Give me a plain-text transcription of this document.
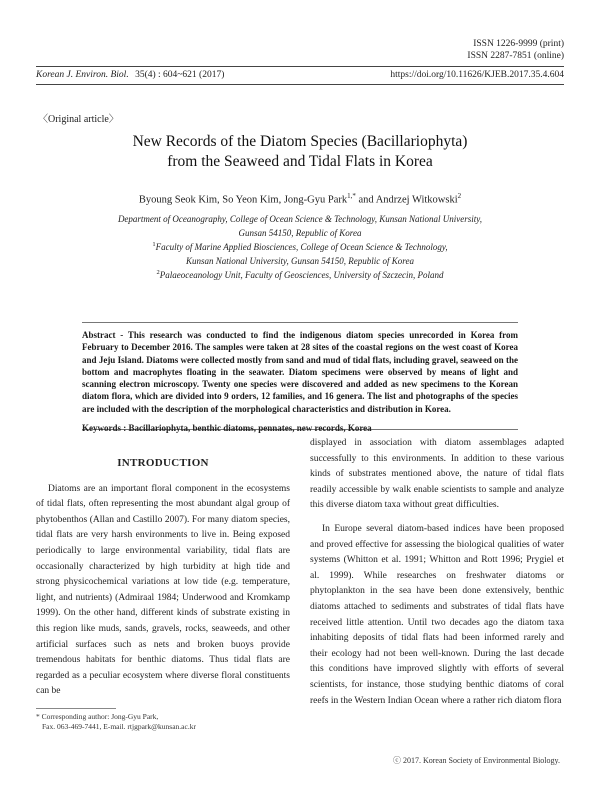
ISSN 1226-9999 (print)
ISSN 2287-7851 (online)
Korean J. Environ. Biol. 35(4) : 604~621 (2017)	https://doi.org/10.11626/KJEB.2017.35.4.604
〈Original article〉
New Records of the Diatom Species (Bacillariophyta)
from the Seaweed and Tidal Flats in Korea
Byoung Seok Kim, So Yeon Kim, Jong-Gyu Park$^{1,*}$ and Andrzej Witkowski$^2$
Department of Oceanography, College of Ocean Science & Technology, Kunsan National University,
Gunsan 54150, Republic of Korea
$^1$Faculty of Marine Applied Biosciences, College of Ocean Science & Technology,
Kunsan National University, Gunsan 54150, Republic of Korea
$^2$Palaeoceanology Unit, Faculty of Geosciences, University of Szczecin, Poland
Abstract - This research was conducted to find the indigenous diatom species unrecorded in Korea from February to December 2016. The samples were taken at 28 sites of the coastal regions on the west coast of Korea and Jeju Island. Diatoms were collected mostly from sand and mud of tidal flats, including gravel, seaweed on the bottom and macrophytes floating in the seawater. Diatom specimens were observed by means of light and scanning electron microscopy. Twenty one species were discovered and added as new specimens to the Korean diatom flora, which are divided into 9 orders, 12 families, and 16 genera. The list and photographs of the species are included with the description of the morphological characteristics and distribution in Korea.
Keywords : Bacillariophyta, benthic diatoms, pennates, new records, Korea
INTRODUCTION

Diatoms are an important floral component in the ecosystems of tidal flats, often representing the most abundant algal group of phytobenthos (Allan and Castillo 2007). For many diatom species, tidal flats are very harsh environments to live in. Being exposed periodically to large environmental variability, tidal flats are occasionally characterized by high turbidity at high tide and strong physicochemical variations at low tide (e.g. temperature, light, and nutrients) (Admiraal 1984; Underwood and Kromkamp 1999). On the other hand, different kinds of substrate existing in this region like muds, sands, gravels, rocks, seaweeds, and other artificial surfaces such as nets and broken buoys provide tremendous habitats for benthic diatoms. Thus tidal flats are regarded as a peculiar ecosystem where diverse floral constituents can be

displayed in association with diatom assemblages adapted successfully to this environments. In addition to these various kinds of substrates mentioned above, the nature of tidal flats readily accessible by walk enable scientists to sample and analyze this diverse diatom taxa without great difficulties.

In Europe several diatom-based indices have been proposed and proved effective for assessing the biological qualities of water systems (Whitton et al. 1991; Whitton and Rott 1996; Prygiel et al. 1999). While researches on freshwater diatoms or phytoplankton in the sea have been done extensively, benthic diatoms attached to sediments and substrates of tidal flats have received little attention. Until two decades ago the diatom taxa inhabiting deposits of tidal flats had been informed rarely and their ecology had not been well-known. During the last decade this conditions have improved slightly with efforts of several scientists, for instance, those studying benthic diatoms of coral reefs in the Western Indian Ocean where a rather rich diatom flora

* Corresponding author: Jong-Gyu Park,
Fax. 063-469-7441, E-mail. rtjgpark@kunsan.ac.kr
ⓒ 2017. Korean Society of Environmental Biology.
